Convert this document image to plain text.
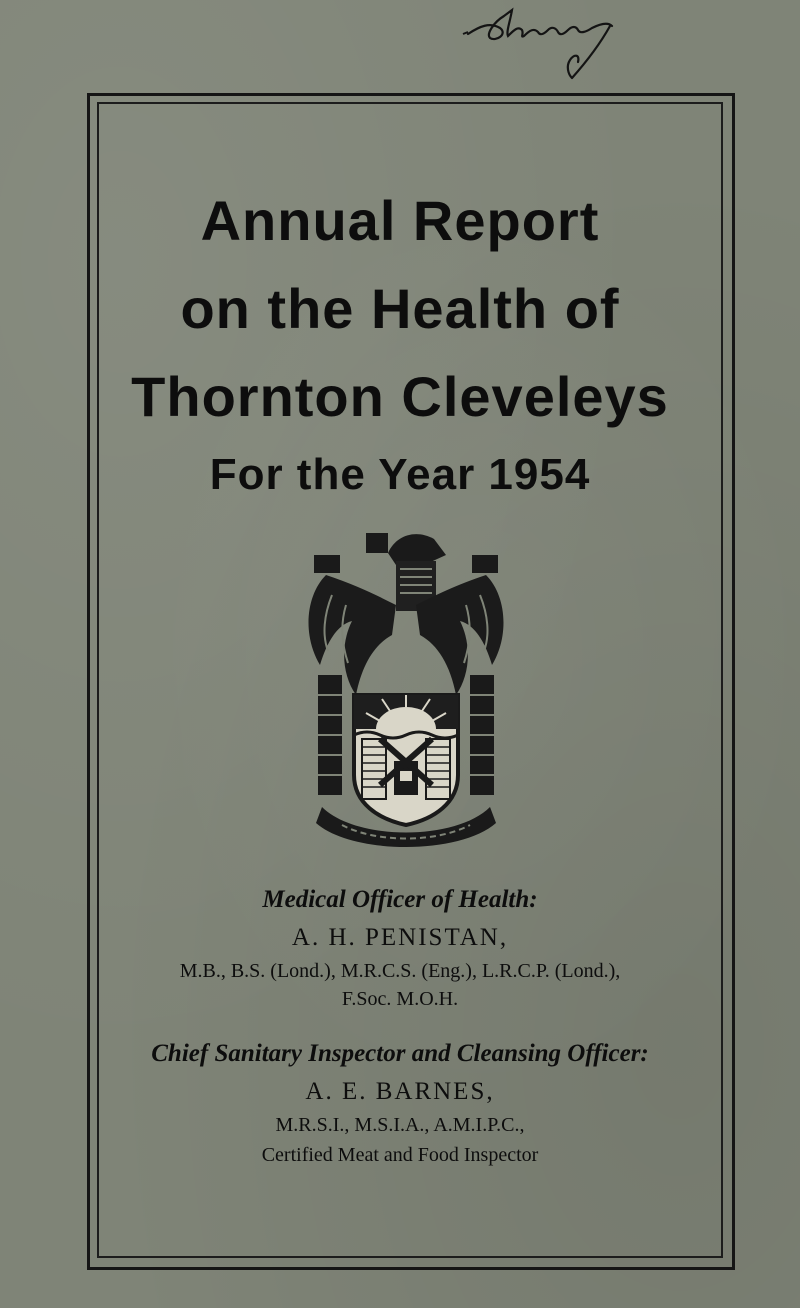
Annual Report
on the Health of
Thornton Cleveleys
For the Year 1954

Medical Officer of Health:

A. H. PENISTAN,

M.B., B.S. (Lond.), M.R.C.S. (Eng.), L.R.C.P. (Lond.),

F.Soc. M.O.H.

Chief Sanitary Inspector and Cleansing Officer:

A. E. BARNES,

M.R.S.I., M.S.I.A., A.M.I.P.C.,

Certified Meat and Food Inspector
